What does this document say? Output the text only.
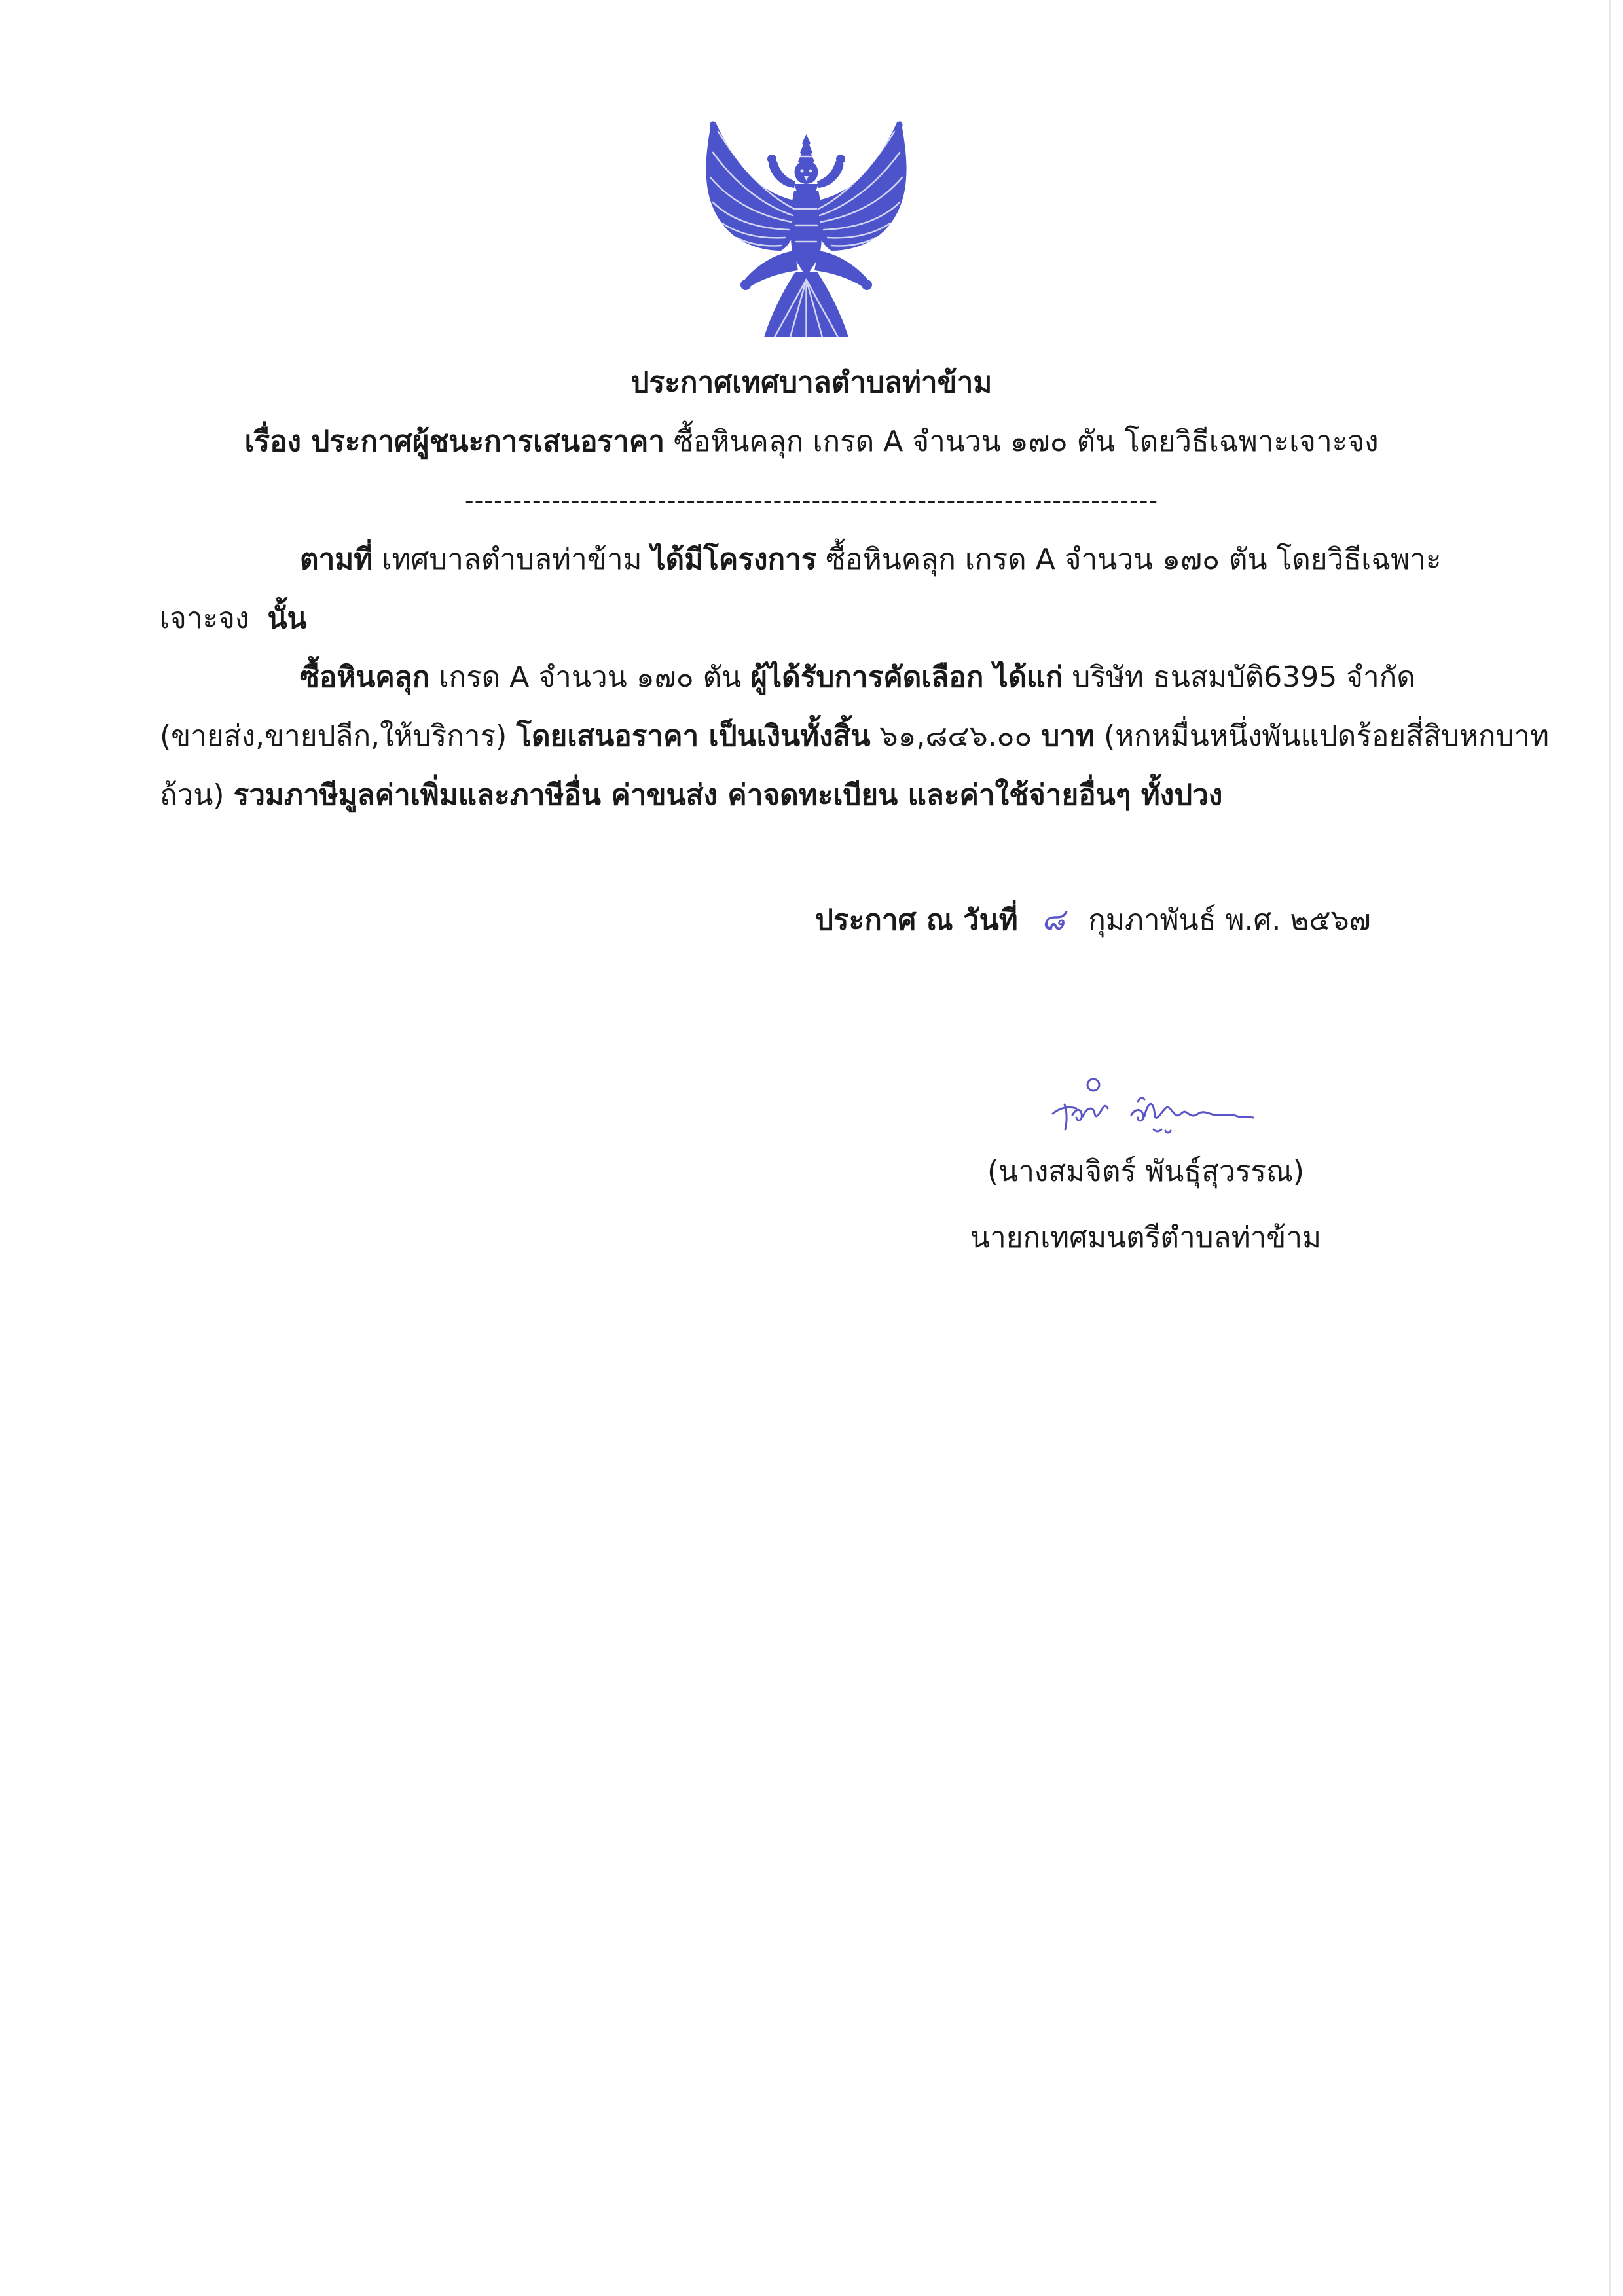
ประกาศเทศบาลตำบลท่าข้าม
เรื่อง ประกาศผู้ชนะการเสนอราคา ซื้อหินคลุก เกรด A จำนวน ๑๗๐ ตัน โดยวิธีเฉพาะเจาะจง
------------------------------------------------------------------------
ตามที่ เทศบาลตำบลท่าข้าม ได้มีโครงการ ซื้อหินคลุก เกรด A จำนวน ๑๗๐ ตัน โดยวิธีเฉพาะ
เจาะจง นั้น
ซื้อหินคลุก เกรด A จำนวน ๑๗๐ ตัน ผู้ได้รับการคัดเลือก ได้แก่ บริษัท ธนสมบัติ6395 จำกัด
(ขายส่ง,ขายปลีก,ให้บริการ) โดยเสนอราคา เป็นเงินทั้งสิ้น ๖๑,๘๔๖.๐๐ บาท (หกหมื่นหนึ่งพันแปดร้อยสี่สิบหกบาท
ถ้วน) รวมภาษีมูลค่าเพิ่มและภาษีอื่น ค่าขนส่ง ค่าจดทะเบียน และค่าใช้จ่ายอื่นๆ ทั้งปวง
ประกาศ ณ วันที่ ๘ กุมภาพันธ์ พ.ศ. ๒๕๖๗
(นางสมจิตร์ พันธุ์สุวรรณ)
นายกเทศมนตรีตำบลท่าข้าม
